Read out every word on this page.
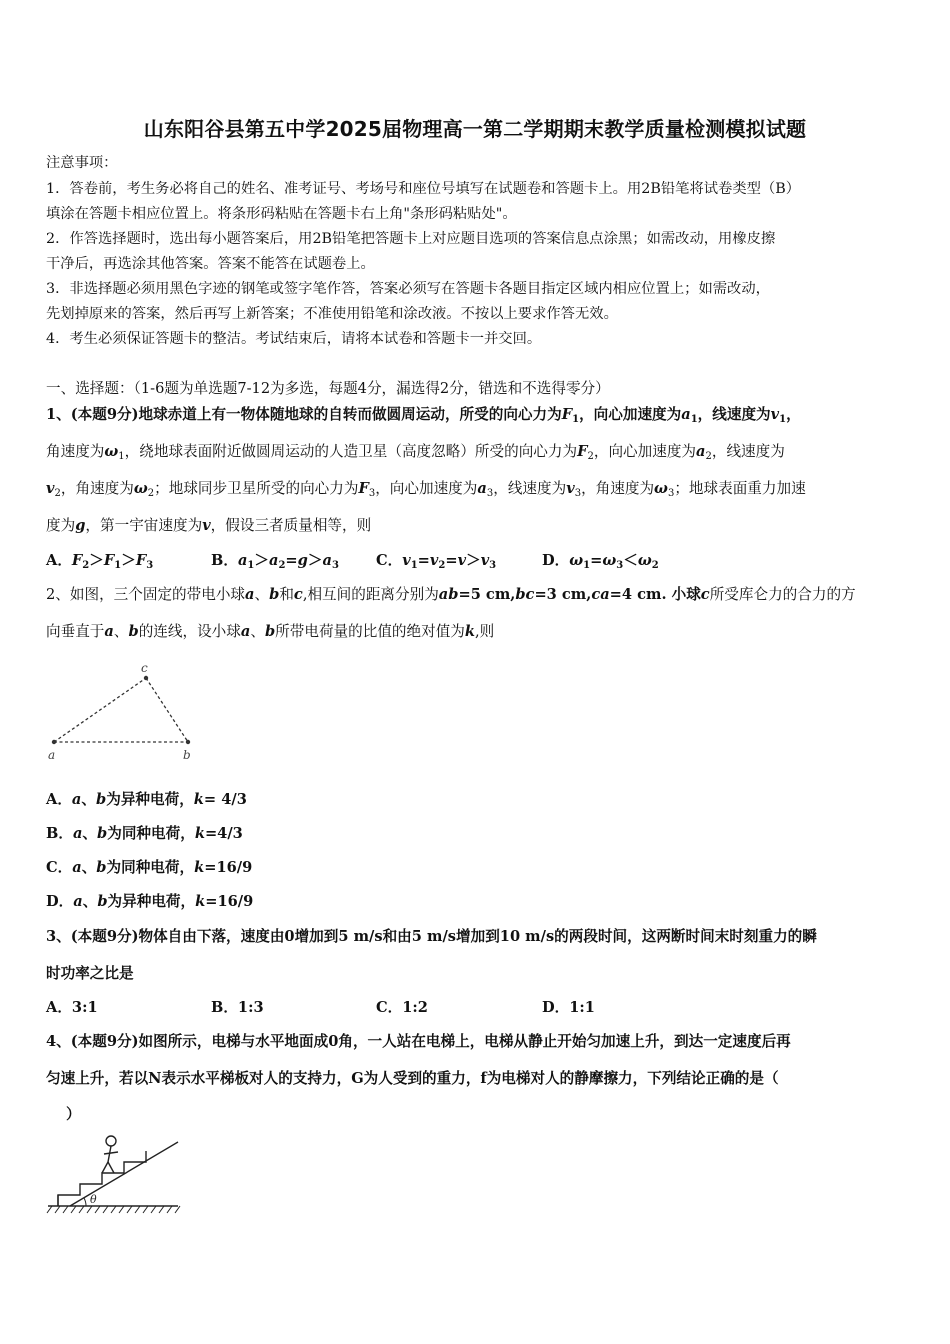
山东阳谷县第五中学2025届物理高一第二学期期末教学质量检测模拟试题
注意事项：
1．答卷前，考生务必将自己的姓名、准考证号、考场号和座位号填写在试题卷和答题卡上。用2B铅笔将试卷类型（B）
填涂在答题卡相应位置上。将条形码粘贴在答题卡右上角"条形码粘贴处"。
2．作答选择题时，选出每小题答案后，用2B铅笔把答题卡上对应题目选项的答案信息点涂黑；如需改动，用橡皮擦
干净后，再选涂其他答案。答案不能答在试题卷上。
3．非选择题必须用黑色字迹的钢笔或签字笔作答，答案必须写在答题卡各题目指定区域内相应位置上；如需改动，
先划掉原来的答案，然后再写上新答案；不准使用铅笔和涂改液。不按以上要求作答无效。
4．考生必须保证答题卡的整洁。考试结束后，请将本试卷和答题卡一并交回。
一、选择题：（1-6题为单选题7-12为多选，每题4分，漏选得2分，错选和不选得零分）
1、(本题9分)地球赤道上有一物体随地球的自转而做圆周运动，所受的向心力为$F_1$，向心加速度为$a_1$，线速度为$v_1$，
角速度为$\omega_1$，绕地球表面附近做圆周运动的人造卫星（高度忽略）所受的向心力为$F_2$，向心加速度为$a_2$，线速度为
$v_2$，角速度为$\omega_2$；地球同步卫星所受的向心力为$F_3$，向心加速度为$a_3$，线速度为$v_3$，角速度为$\omega_3$；地球表面重力加速
度为g，第一宇宙速度为v，假设三者质量相等，则
A．$F_2>F_1>F_3$	B．$a_1>a_2=g>a_3$	C．$v_1=v_2=v>v_3$	D．$\omega_1=\omega_3<\omega_2$
2、如图，三个固定的带电小球a、b和c,相互间的距离分别为ab=5 cm,bc=3 cm,ca=4 cm. 小球c所受库仑力的合力的方
向垂直于a、b的连线，设小球a、b所带电荷量的比值的绝对值为k,则
a	b
c
A．a、b为异种电荷，k= 4/3
B．a、b为同种电荷，k=4/3
C．a、b为同种电荷，k=16/9
D．a、b为异种电荷，k=16/9
3、(本题9分)物体自由下落，速度由0增加到5 m/s和由5 m/s增加到10 m/s的两段时间，这两断时间末时刻重力的瞬
时功率之比是
A．3:1	B．1:3	C．1:2	D．1:1
4、(本题9分)如图所示，电梯与水平地面成0角，一人站在电梯上，电梯从静止开始匀加速上升，到达一定速度后再
匀速上升，若以N表示水平梯板对人的支持力，G为人受到的重力，f为电梯对人的静摩擦力，下列结论正确的是（
）
θ
